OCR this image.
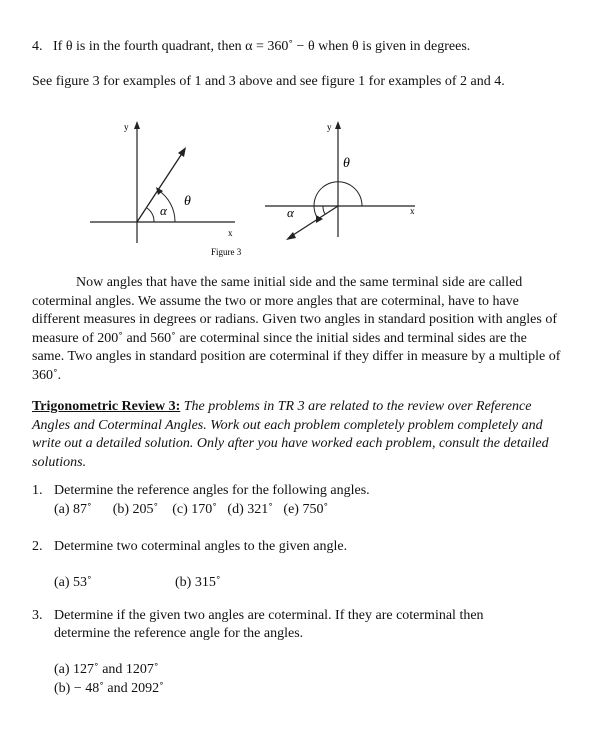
4. If θ is in the fourth quadrant, then α = 360˚ − θ when θ is given in degrees.
See figure 3 for examples of 1 and 3 above and see figure 1 for examples of 2 and 4.
y
x
θ
α
y
x
θ
α
Figure 3
Now angles that have the same initial side and the same terminal side are called coterminal angles. We assume the two or more angles that are coterminal, have to have different measures in degrees or radians. Given two angles in standard position with angles of measure of 200˚ and 560˚ are coterminal since the initial sides and terminal sides are the same. Two angles in standard position are coterminal if they differ in measure by a multiple of 360˚.
Trigonometric Review 3: The problems in TR 3 are related to the review over Reference Angles and Coterminal Angles. Work out each problem completely problem completely and write out a detailed solution. Only after you have worked each problem, consult the detailed solutions.
1. Determine the reference angles for the following angles.
(a) 87˚ (b) 205˚ (c) 170˚ (d) 321˚ (e) 750˚
2. Determine two coterminal angles to the given angle.
(a) 53˚	(b) 315˚
3. Determine if the given two angles are coterminal. If they are coterminal then
determine the reference angle for the angles.
(a) 127˚ and 1207˚
(b) − 48˚ and 2092˚
